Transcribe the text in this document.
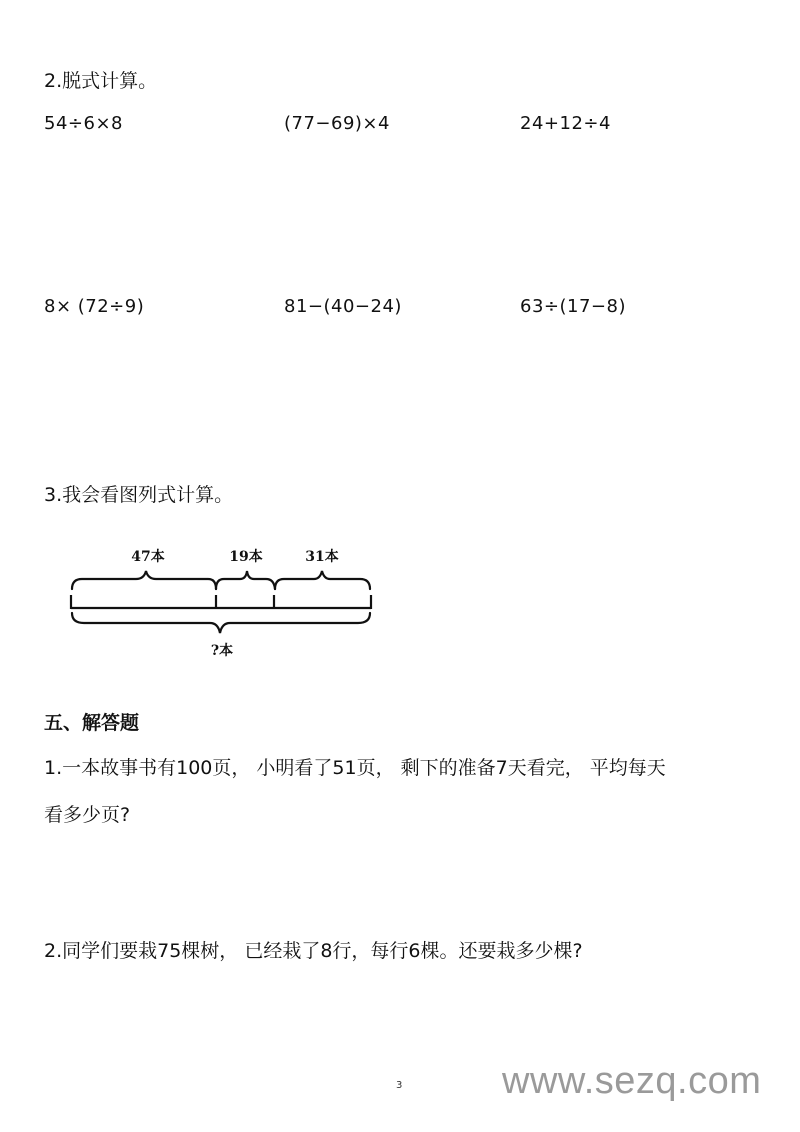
2.脱式计算。
54÷6×8	(77−69)×4	24+12÷4
8× (72÷9)	81−(40−24)	63÷(17−8)
3.我会看图列式计算。
47本	19本	31本
?本
五、解答题
1.一本故事书有100页， 小明看了51页， 剩下的准备7天看完， 平均每天
看多少页?
2.同学们要栽75棵树， 已经栽了8行，每行6棵。还要栽多少棵?
3	www.sezq.com
